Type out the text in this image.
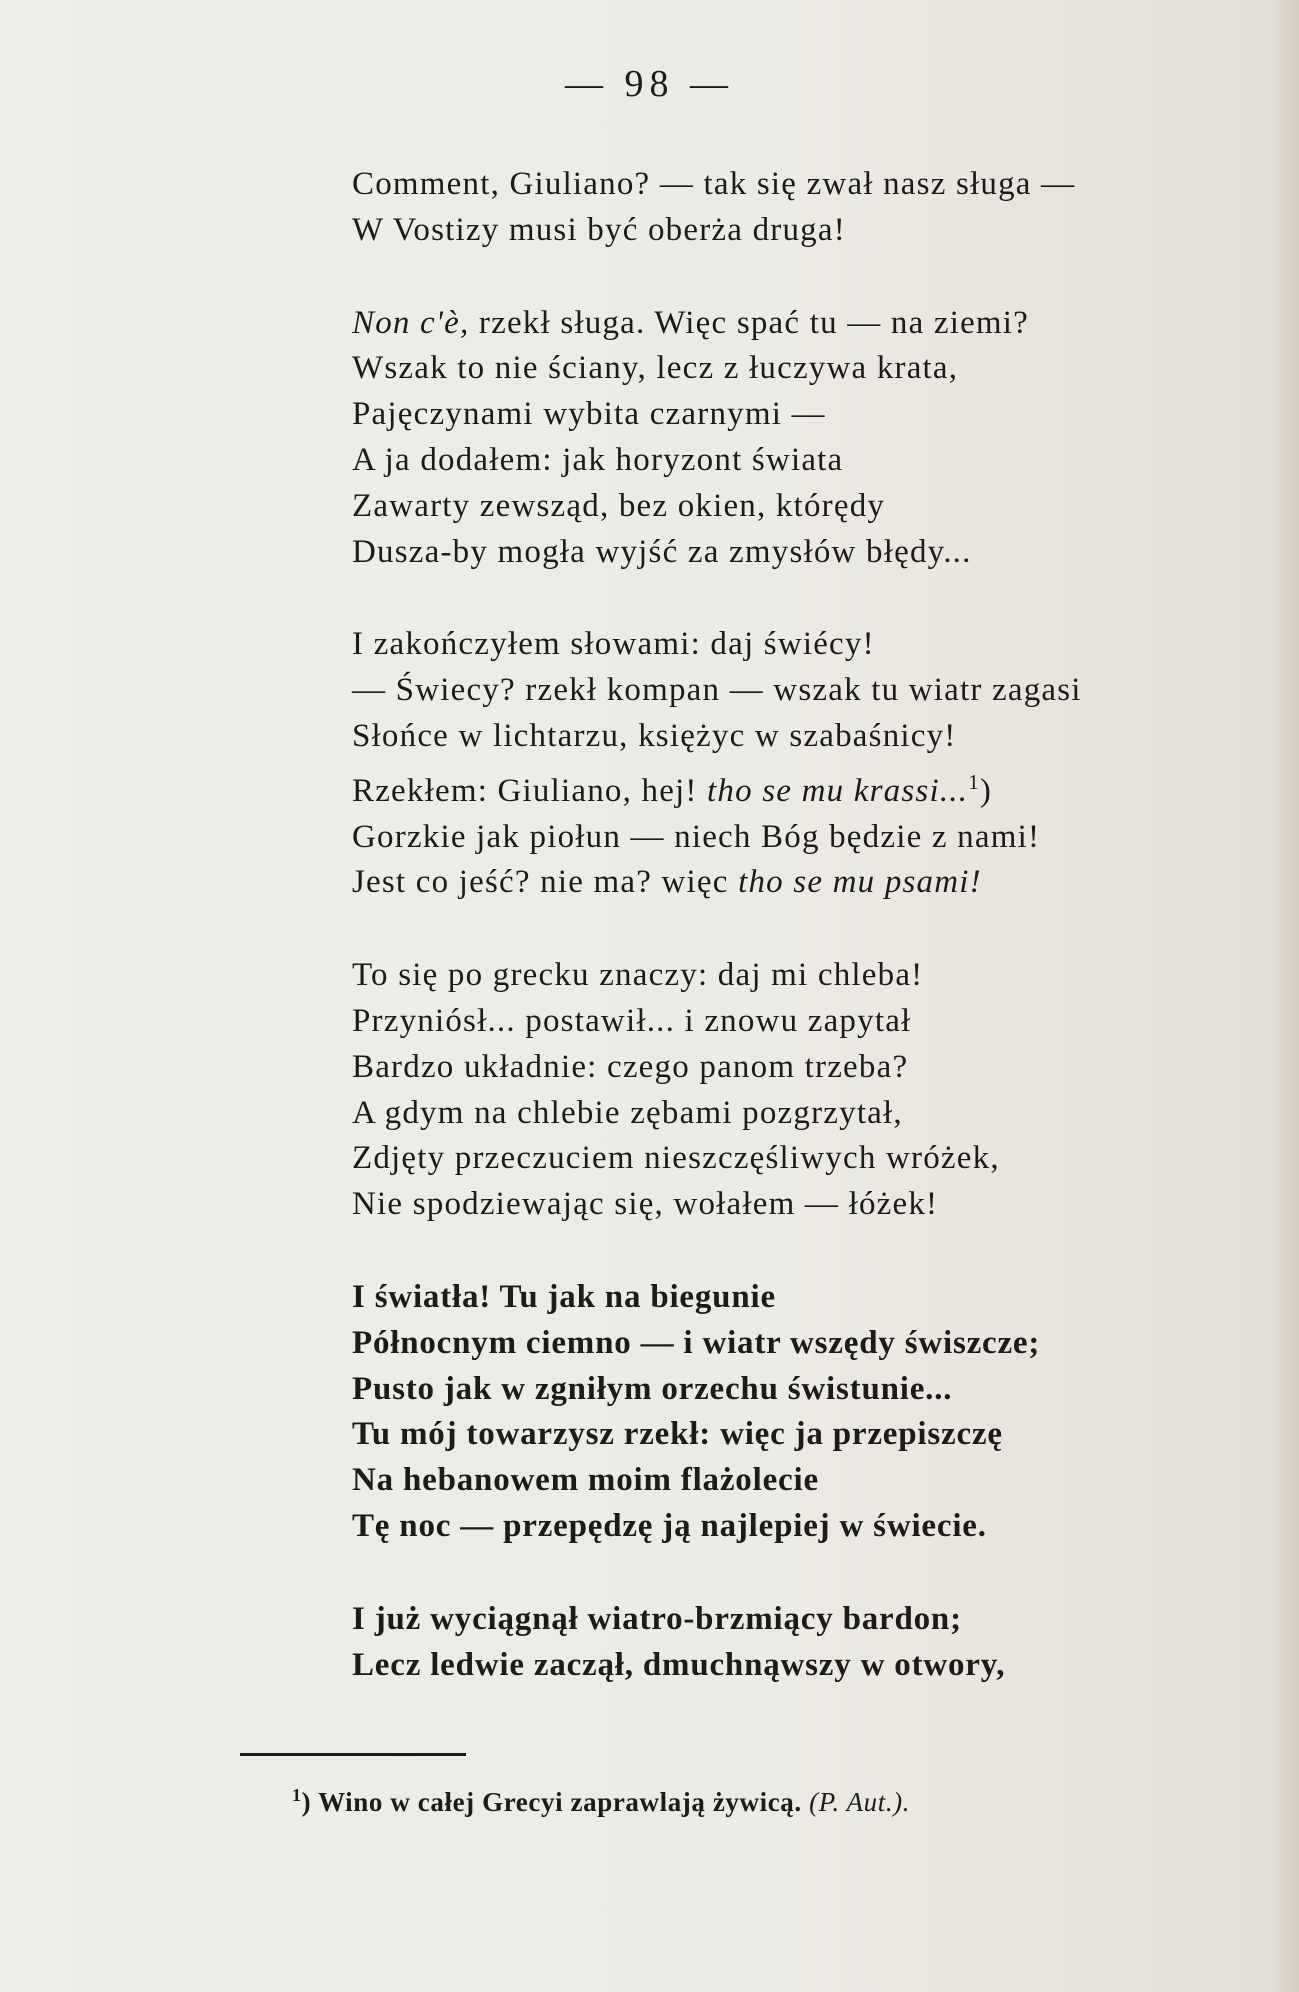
— 98 —
Comment, Giuliano? — tak się zwał nasz sługa —
W Vostizy musi być oberża druga!
Non c'è, rzekł sługa. Więc spać tu — na ziemi?
Wszak to nie ściany, lecz z łuczywa krata,
Pajęczynami wybita czarnymi —
A ja dodałem: jak horyzont świata
Zawarty zewsząd, bez okien, którędy
Dusza-by mogła wyjść za zmysłów błędy...
I zakończyłem słowami: daj świécy!
— Świecy? rzekł kompan — wszak tu wiatr zagasi
Słońce w lichtarzu, księżyc w szabaśnicy!
Rzekłem: Giuliano, hej! tho se mu krassi...$^1$)
Gorzkie jak piołun — niech Bóg będzie z nami!
Jest co jeść? nie ma? więc tho se mu psami!
To się po grecku znaczy: daj mi chleba!
Przyniósł... postawił... i znowu zapytał
Bardzo układnie: czego panom trzeba?
A gdym na chlebie zębami pozgrzytał,
Zdjęty przeczuciem nieszczęśliwych wróżek,
Nie spodziewając się, wołałem — łóżek!
I światła! Tu jak na biegunie
Północnym ciemno — i wiatr wszędy świszcze;
Pusto jak w zgniłym orzechu świstunie...
Tu mój towarzysz rzekł: więc ja przepiszczę
Na hebanowem moim flażolecie
Tę noc — przepędzę ją najlepiej w świecie.
I już wyciągnął wiatro-brzmiący bardon;
Lecz ledwie zaczął, dmuchnąwszy w otwory,
$^1$) Wino w całej Grecyi zaprawlają żywicą. (P. Aut.).
